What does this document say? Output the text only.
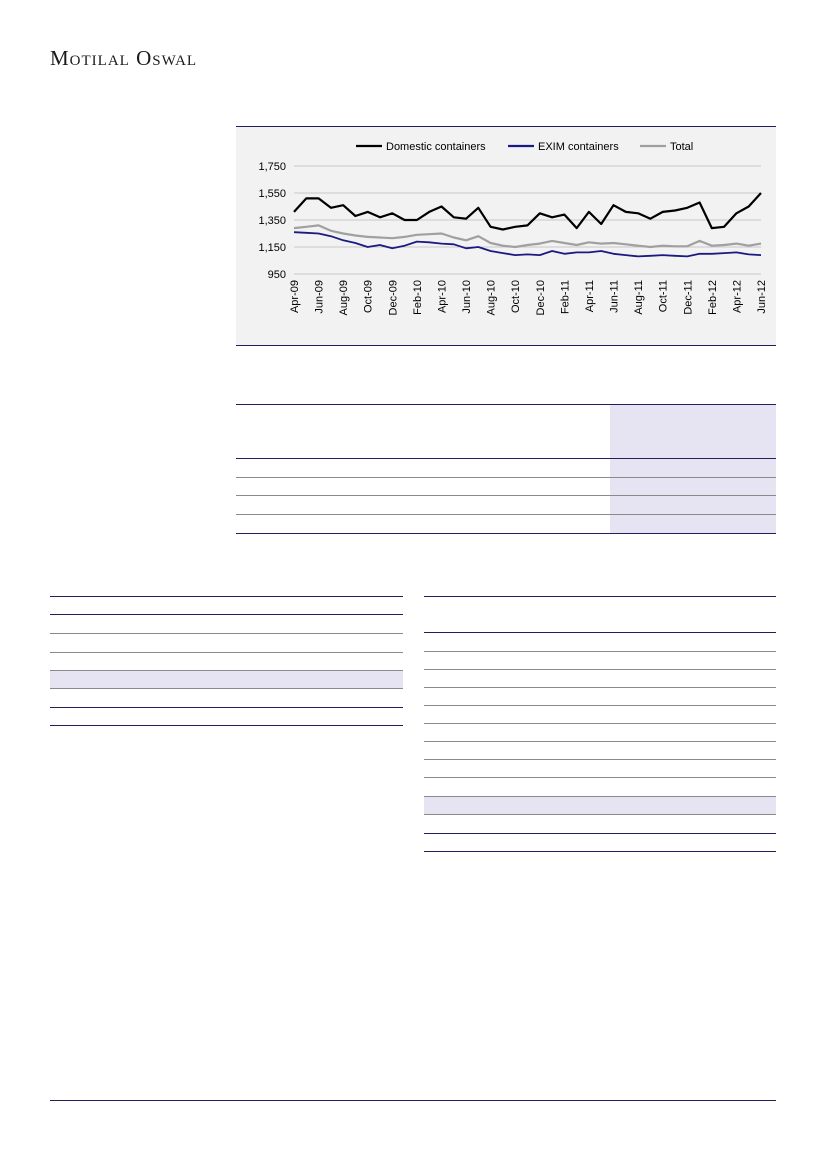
Motilal Oswal
950
1,150
1,350
1,550
1,750
Apr-09 Jun-09 Aug-09 Oct-09 Dec-09 Feb-10 Apr-10 Jun-10 Aug-10 Oct-10 Dec-10 Feb-11 Apr-11 Jun-11 Aug-11 Oct-11 Dec-11 Feb-12 Apr-12 Jun-12
Domestic containers	EXIM containers	Total
